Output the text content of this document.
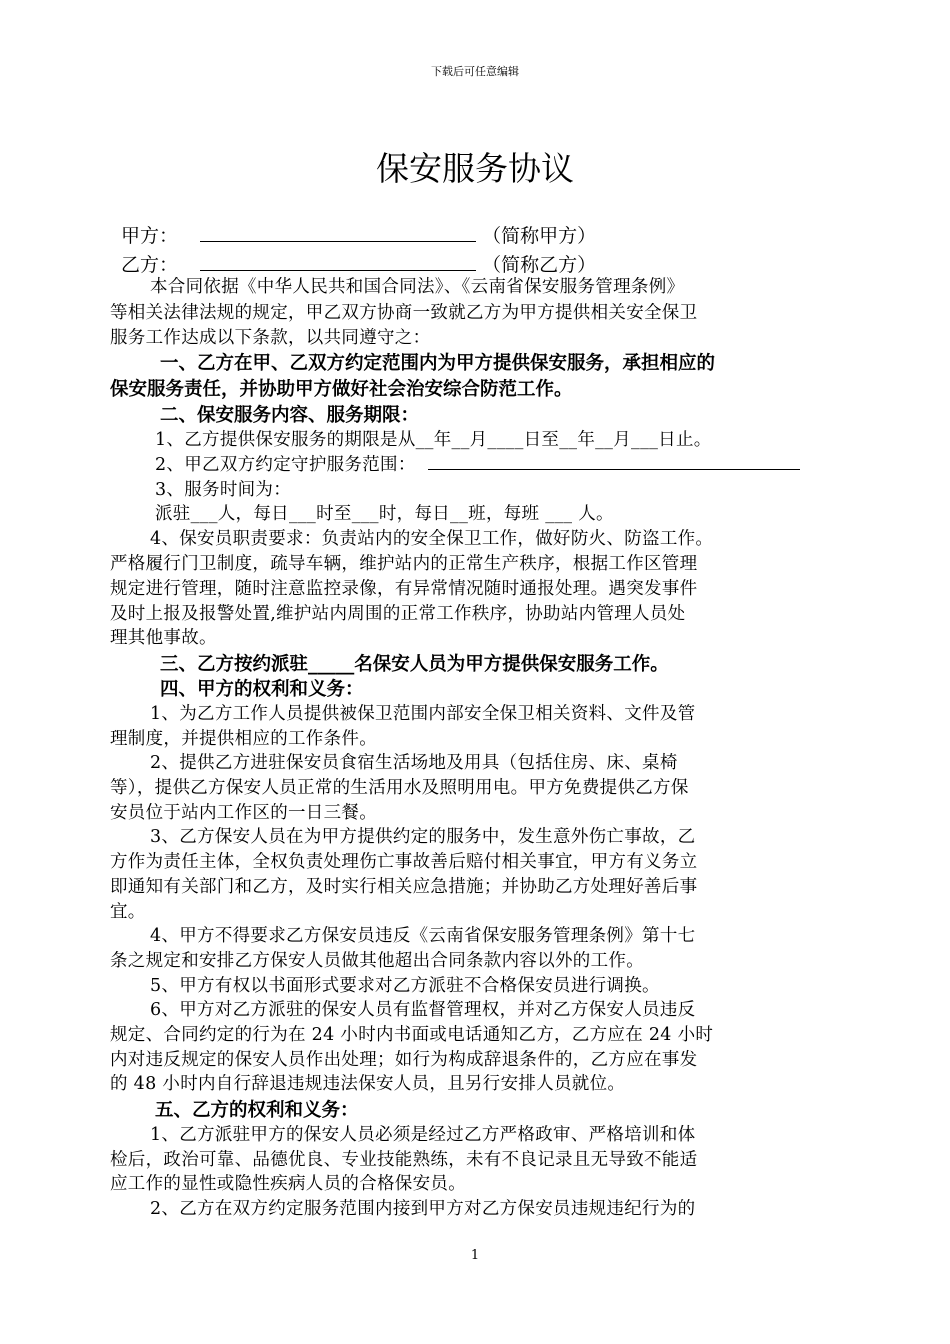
下载后可任意编辑
保安服务协议
甲方：	（简称甲方）
乙方：	（简称乙方）

本合同依据《中华人民共和国合同法》、《云南省保安服务管理条例》

等相关法律法规的规定，甲乙双方协商一致就乙方为甲方提供相关安全保卫

服务工作达成以下条款，以共同遵守之：

一、乙方在甲、乙双方约定范围内为甲方提供保安服务，承担相应的

保安服务责任，并协助甲方做好社会治安综合防范工作。

二、保安服务内容、服务期限：

1、乙方提供保安服务的期限是从__年__月____日至__年__月___日止。

2、甲乙双方约定守护服务范围：

3、服务时间为：

派驻___人，每日___时至___时，每日__班，每班 ___ 人。

4、保安员职责要求：负责站内的安全保卫工作，做好防火、防盗工作。

严格履行门卫制度，疏导车辆，维护站内的正常生产秩序，根据工作区管理

规定进行管理，随时注意监控录像，有异常情况随时通报处理。遇突发事件

及时上报及报警处置,维护站内周围的正常工作秩序，协助站内管理人员处

理其他事故。

三、乙方按约派驻_____名保安人员为甲方提供保安服务工作。

四、甲方的权利和义务：

1、为乙方工作人员提供被保卫范围内部安全保卫相关资料、文件及管

理制度，并提供相应的工作条件。

2、提供乙方进驻保安员食宿生活场地及用具（包括住房、床、桌椅

等），提供乙方保安人员正常的生活用水及照明用电。甲方免费提供乙方保

安员位于站内工作区的一日三餐。

3、乙方保安人员在为甲方提供约定的服务中，发生意外伤亡事故，乙

方作为责任主体，全权负责处理伤亡事故善后赔付相关事宜，甲方有义务立

即通知有关部门和乙方，及时实行相关应急措施；并协助乙方处理好善后事

宜。

4、甲方不得要求乙方保安员违反《云南省保安服务管理条例》第十七

条之规定和安排乙方保安人员做其他超出合同条款内容以外的工作。

5、甲方有权以书面形式要求对乙方派驻不合格保安员进行调换。

6、甲方对乙方派驻的保安人员有监督管理权，并对乙方保安人员违反

规定、合同约定的行为在 24 小时内书面或电话通知乙方，乙方应在 24 小时

内对违反规定的保安人员作出处理；如行为构成辞退条件的，乙方应在事发

的 48 小时内自行辞退违规违法保安人员，且另行安排人员就位。

五、乙方的权利和义务：

1、乙方派驻甲方的保安人员必须是经过乙方严格政审、严格培训和体

检后，政治可靠、品德优良、专业技能熟练，未有不良记录且无导致不能适

应工作的显性或隐性疾病人员的合格保安员。

2、乙方在双方约定服务范围内接到甲方对乙方保安员违规违纪行为的

1
